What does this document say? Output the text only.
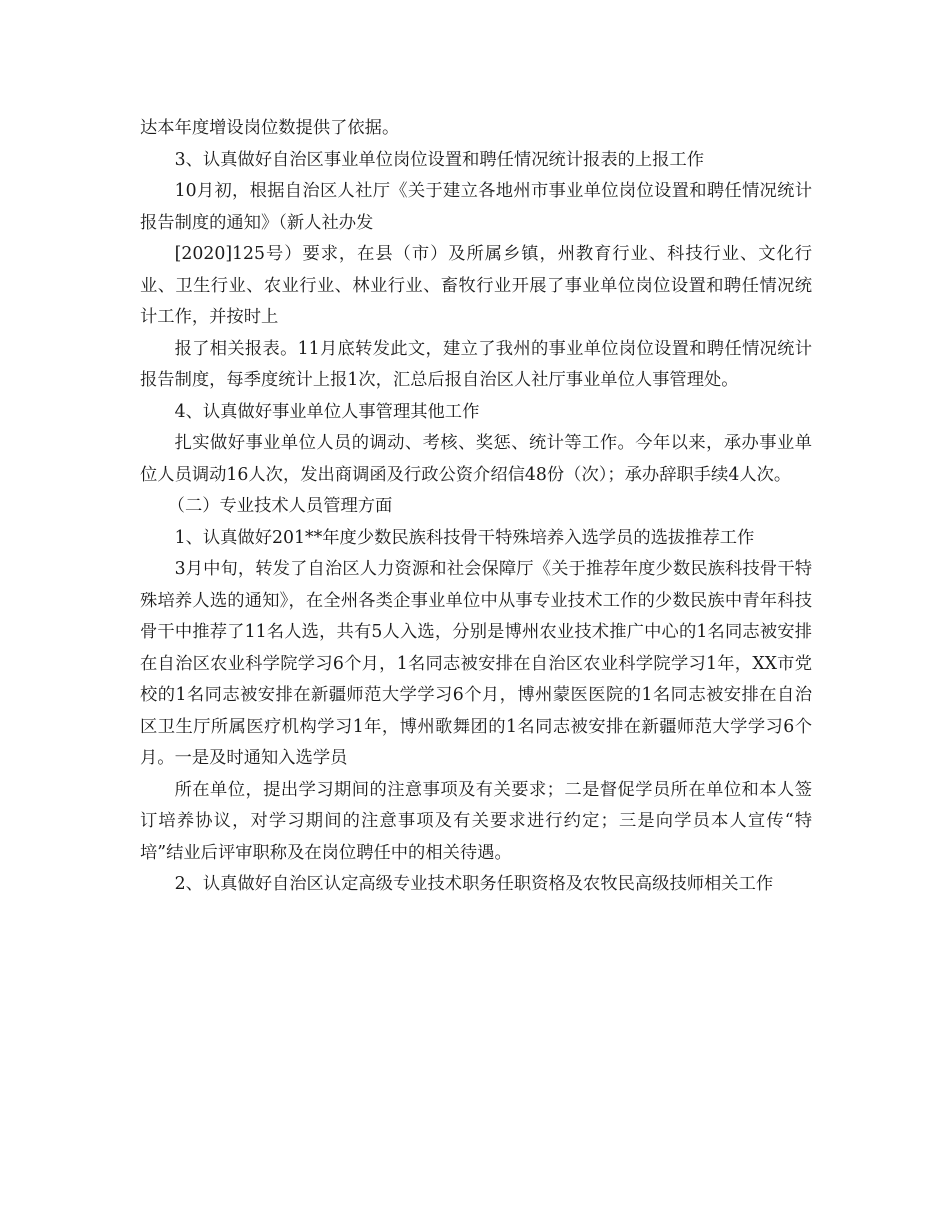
达本年度增设岗位数提供了依据。

3、认真做好自治区事业单位岗位设置和聘任情况统计报表的上报工作

10月初，根据自治区人社厅《关于建立各地州市事业单位岗位设置和聘任情况统计报告制度的通知》（新人社办发

[2020]125号）要求，在县（市）及所属乡镇，州教育行业、科技行业、文化行业、卫生行业、农业行业、林业行业、畜牧行业开展了事业单位岗位设置和聘任情况统计工作，并按时上

报了相关报表。11月底转发此文，建立了我州的事业单位岗位设置和聘任情况统计报告制度，每季度统计上报1次，汇总后报自治区人社厅事业单位人事管理处。

4、认真做好事业单位人事管理其他工作

扎实做好事业单位人员的调动、考核、奖惩、统计等工作。今年以来，承办事业单位人员调动16人次，发出商调函及行政公资介绍信48份（次）；承办辞职手续4人次。

（二）专业技术人员管理方面

1、认真做好201**年度少数民族科技骨干特殊培养入选学员的选拔推荐工作

3月中旬，转发了自治区人力资源和社会保障厅《关于推荐年度少数民族科技骨干特殊培养人选的通知》，在全州各类企事业单位中从事专业技术工作的少数民族中青年科技骨干中推荐了11名人选，共有5人入选，分别是博州农业技术推广中心的1名同志被安排在自治区农业科学院学习6个月，1名同志被安排在自治区农业科学院学习1年，XX市党校的1名同志被安排在新疆师范大学学习6个月，博州蒙医医院的1名同志被安排在自治区卫生厅所属医疗机构学习1年，博州歌舞团的1名同志被安排在新疆师范大学学习6个月。一是及时通知入选学员

所在单位，提出学习期间的注意事项及有关要求；二是督促学员所在单位和本人签订培养协议，对学习期间的注意事项及有关要求进行约定；三是向学员本人宣传“特培”结业后评审职称及在岗位聘任中的相关待遇。

2、认真做好自治区认定高级专业技术职务任职资格及农牧民高级技师相关工作
